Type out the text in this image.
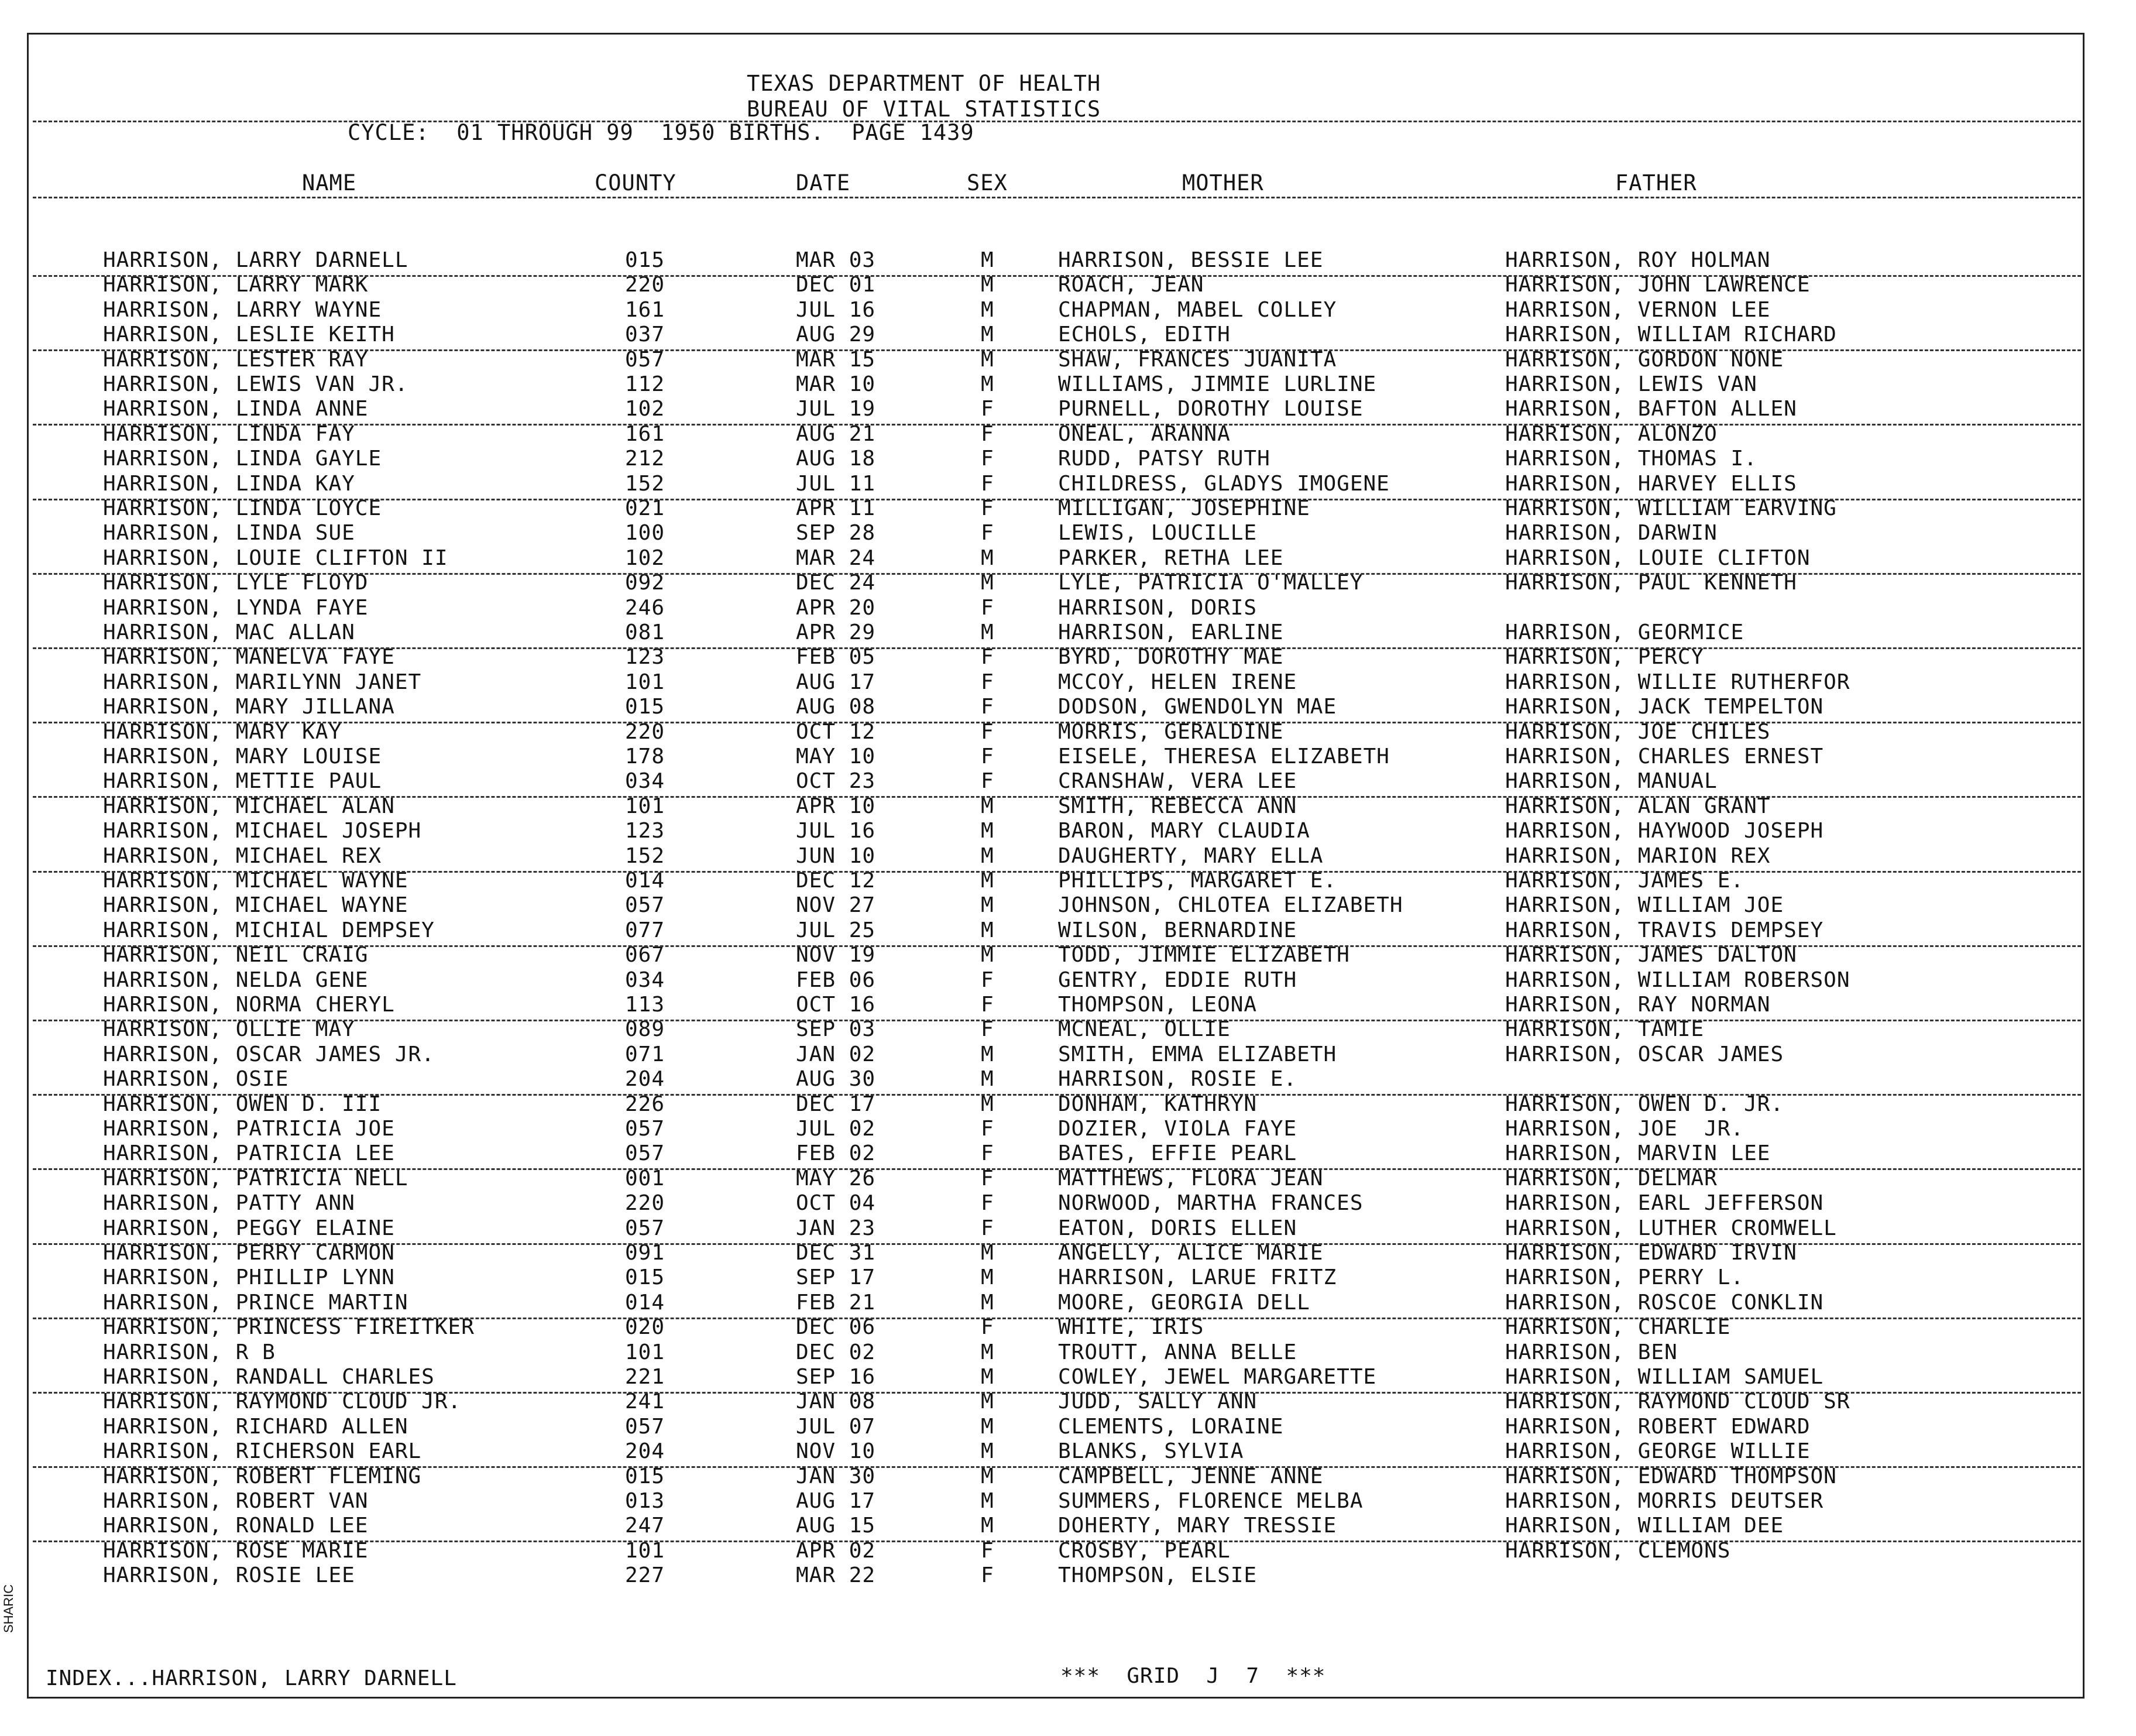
TEXAS DEPARTMENT OF HEALTH
BUREAU OF VITAL STATISTICS
CYCLE:  01 THROUGH 99  1950 BIRTHS.  PAGE 1439
NAME	COUNTY	DATE	SEX	MOTHER	FATHER
HARRISON, LARRY DARNELL	015	MAR 03	M	HARRISON, BESSIE LEE	HARRISON, ROY HOLMAN
HARRISON, LARRY MARK	220	DEC 01	M	ROACH, JEAN	HARRISON, JOHN LAWRENCE
HARRISON, LARRY WAYNE	161	JUL 16	M	CHAPMAN, MABEL COLLEY	HARRISON, VERNON LEE
HARRISON, LESLIE KEITH	037	AUG 29	M	ECHOLS, EDITH	HARRISON, WILLIAM RICHARD
HARRISON, LESTER RAY	057	MAR 15	M	SHAW, FRANCES JUANITA	HARRISON, GORDON NONE
HARRISON, LEWIS VAN JR.	112	MAR 10	M	WILLIAMS, JIMMIE LURLINE	HARRISON, LEWIS VAN
HARRISON, LINDA ANNE	102	JUL 19	F	PURNELL, DOROTHY LOUISE	HARRISON, BAFTON ALLEN
HARRISON, LINDA FAY	161	AUG 21	F	ONEAL, ARANNA	HARRISON, ALONZO
HARRISON, LINDA GAYLE	212	AUG 18	F	RUDD, PATSY RUTH	HARRISON, THOMAS I.
HARRISON, LINDA KAY	152	JUL 11	F	CHILDRESS, GLADYS IMOGENE	HARRISON, HARVEY ELLIS
HARRISON, LINDA LOYCE	021	APR 11	F	MILLIGAN, JOSEPHINE	HARRISON, WILLIAM EARVING
HARRISON, LINDA SUE	100	SEP 28	F	LEWIS, LOUCILLE	HARRISON, DARWIN
HARRISON, LOUIE CLIFTON II	102	MAR 24	M	PARKER, RETHA LEE	HARRISON, LOUIE CLIFTON
HARRISON, LYLE FLOYD	092	DEC 24	M	LYLE, PATRICIA O'MALLEY	HARRISON, PAUL KENNETH
HARRISON, LYNDA FAYE	246	APR 20	F	HARRISON, DORIS
HARRISON, MAC ALLAN	081	APR 29	M	HARRISON, EARLINE	HARRISON, GEORMICE
HARRISON, MANELVA FAYE	123	FEB 05	F	BYRD, DOROTHY MAE	HARRISON, PERCY
HARRISON, MARILYNN JANET	101	AUG 17	F	MCCOY, HELEN IRENE	HARRISON, WILLIE RUTHERFOR
HARRISON, MARY JILLANA	015	AUG 08	F	DODSON, GWENDOLYN MAE	HARRISON, JACK TEMPELTON
HARRISON, MARY KAY	220	OCT 12	F	MORRIS, GERALDINE	HARRISON, JOE CHILES
HARRISON, MARY LOUISE	178	MAY 10	F	EISELE, THERESA ELIZABETH	HARRISON, CHARLES ERNEST
HARRISON, METTIE PAUL	034	OCT 23	F	CRANSHAW, VERA LEE	HARRISON, MANUAL
HARRISON, MICHAEL ALAN	101	APR 10	M	SMITH, REBECCA ANN	HARRISON, ALAN GRANT
HARRISON, MICHAEL JOSEPH	123	JUL 16	M	BARON, MARY CLAUDIA	HARRISON, HAYWOOD JOSEPH
HARRISON, MICHAEL REX	152	JUN 10	M	DAUGHERTY, MARY ELLA	HARRISON, MARION REX
HARRISON, MICHAEL WAYNE	014	DEC 12	M	PHILLIPS, MARGARET E.	HARRISON, JAMES E.
HARRISON, MICHAEL WAYNE	057	NOV 27	M	JOHNSON, CHLOTEA ELIZABETH	HARRISON, WILLIAM JOE
HARRISON, MICHIAL DEMPSEY	077	JUL 25	M	WILSON, BERNARDINE	HARRISON, TRAVIS DEMPSEY
HARRISON, NEIL CRAIG	067	NOV 19	M	TODD, JIMMIE ELIZABETH	HARRISON, JAMES DALTON
HARRISON, NELDA GENE	034	FEB 06	F	GENTRY, EDDIE RUTH	HARRISON, WILLIAM ROBERSON
HARRISON, NORMA CHERYL	113	OCT 16	F	THOMPSON, LEONA	HARRISON, RAY NORMAN
HARRISON, OLLIE MAY	089	SEP 03	F	MCNEAL, OLLIE	HARRISON, TAMIE
HARRISON, OSCAR JAMES JR.	071	JAN 02	M	SMITH, EMMA ELIZABETH	HARRISON, OSCAR JAMES
HARRISON, OSIE	204	AUG 30	M	HARRISON, ROSIE E.
HARRISON, OWEN D. III	226	DEC 17	M	DONHAM, KATHRYN	HARRISON, OWEN D. JR.
HARRISON, PATRICIA JOE	057	JUL 02	F	DOZIER, VIOLA FAYE	HARRISON, JOE  JR.
HARRISON, PATRICIA LEE	057	FEB 02	F	BATES, EFFIE PEARL	HARRISON, MARVIN LEE
HARRISON, PATRICIA NELL	001	MAY 26	F	MATTHEWS, FLORA JEAN	HARRISON, DELMAR
HARRISON, PATTY ANN	220	OCT 04	F	NORWOOD, MARTHA FRANCES	HARRISON, EARL JEFFERSON
HARRISON, PEGGY ELAINE	057	JAN 23	F	EATON, DORIS ELLEN	HARRISON, LUTHER CROMWELL
HARRISON, PERRY CARMON	091	DEC 31	M	ANGELLY, ALICE MARIE	HARRISON, EDWARD IRVIN
HARRISON, PHILLIP LYNN	015	SEP 17	M	HARRISON, LARUE FRITZ	HARRISON, PERRY L.
HARRISON, PRINCE MARTIN	014	FEB 21	M	MOORE, GEORGIA DELL	HARRISON, ROSCOE CONKLIN
HARRISON, PRINCESS FIREITKER	020	DEC 06	F	WHITE, IRIS	HARRISON, CHARLIE
HARRISON, R B	101	DEC 02	M	TROUTT, ANNA BELLE	HARRISON, BEN
HARRISON, RANDALL CHARLES	221	SEP 16	M	COWLEY, JEWEL MARGARETTE	HARRISON, WILLIAM SAMUEL
HARRISON, RAYMOND CLOUD JR.	241	JAN 08	M	JUDD, SALLY ANN	HARRISON, RAYMOND CLOUD SR
HARRISON, RICHARD ALLEN	057	JUL 07	M	CLEMENTS, LORAINE	HARRISON, ROBERT EDWARD
HARRISON, RICHERSON EARL	204	NOV 10	M	BLANKS, SYLVIA	HARRISON, GEORGE WILLIE
HARRISON, ROBERT FLEMING	015	JAN 30	M	CAMPBELL, JENNE ANNE	HARRISON, EDWARD THOMPSON
HARRISON, ROBERT VAN	013	AUG 17	M	SUMMERS, FLORENCE MELBA	HARRISON, MORRIS DEUTSER
HARRISON, RONALD LEE	247	AUG 15	M	DOHERTY, MARY TRESSIE	HARRISON, WILLIAM DEE
HARRISON, ROSE MARIE	101	APR 02	F	CROSBY, PEARL	HARRISON, CLEMONS
HARRISON, ROSIE LEE	227	MAR 22	F	THOMPSON, ELSIE
INDEX...HARRISON, LARRY DARNELL	***  GRID  J  7  ***
SHARIC
